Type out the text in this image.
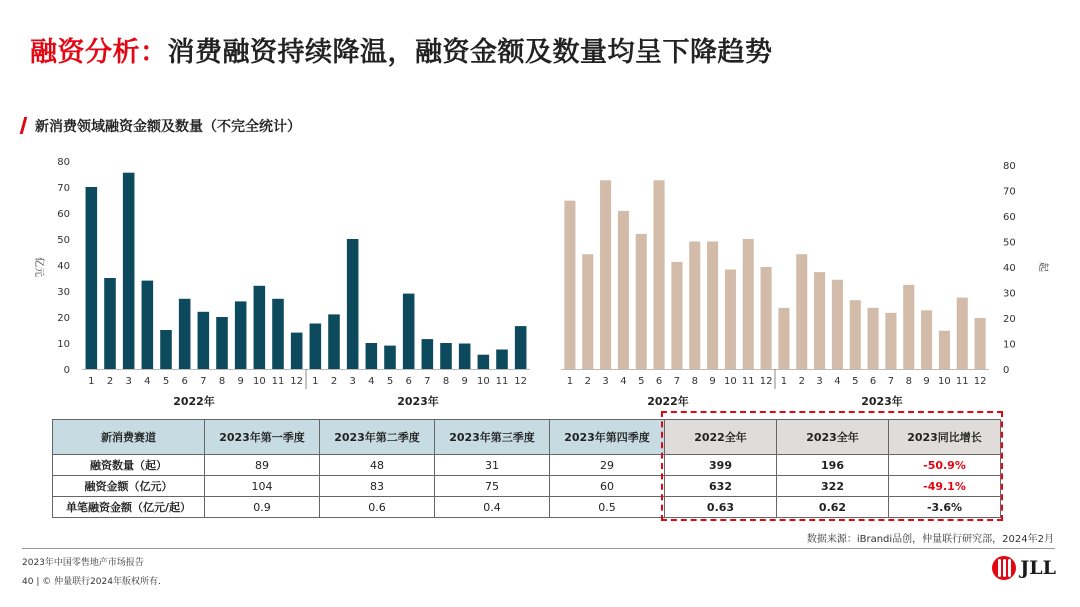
融资分析：消费融资持续降温，融资金额及数量均呈下降趋势
新消费领域融资金额及数量（不完全统计）
0
10
20
30
40
50
60
70
80
亿元
1 2 3 4 5 6 7 8 9 10 11 12 1 2 3 4 5 6 7 8 9 10 11 12
2022年	2023年
0
10
20
30
40
50
60
70
80
起
1 2 3 4 5 6 7 8 9 10 11 12 1 2 3 4 5 6 7 8 9 10 11 12
2022年	2023年
新消费赛道	2023年第一季度	2023年第二季度	2023年第三季度	2023年第四季度	2022全年	2023全年	2023同比增长
融资数量（起）	89	48	31	29	399	196	-50.9%
融资金额（亿元）	104	83	75	60	632	322	-49.1%
单笔融资金额（亿元/起）	0.9	0.6	0.4	0.5	0.63	0.62	-3.6%
数据来源：iBrandi品创，仲量联行研究部，2024年2月
2023年中国零售地产市场报告
40 | © 仲量联行2024年版权所有.
JLL
